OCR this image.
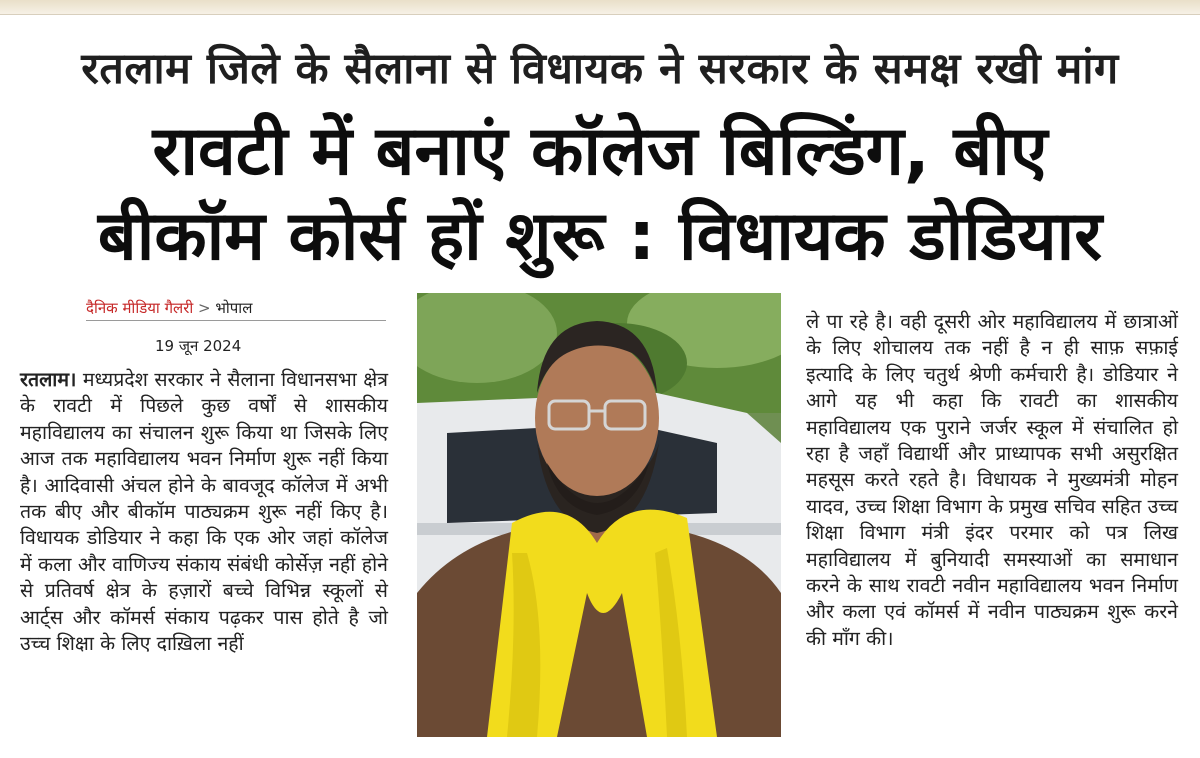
रतलाम जिले के सैलाना से विधायक ने सरकार के समक्ष रखी मांग
रावटी में बनाएं कॉलेज बिल्डिंग, बीए
बीकॉम कोर्स हों शुरू : विधायक डोडियार
दैनिक मीडिया गैलरी > भोपाल
19 जून 2024

रतलाम। मध्यप्रदेश सरकार ने सैलाना विधानसभा क्षेत्र के रावटी में पिछले कुछ वर्षों से शासकीय महाविद्यालय का संचालन शुरू किया था जिसके लिए आज तक महाविद्यालय भवन निर्माण शुरू नहीं किया है। आदिवासी अंचल होने के बावजूद कॉलेज में अभी तक बीए और बीकॉम पाठ्यक्रम शुरू नहीं किए है। विधायक डोडियार ने कहा कि एक ओर जहां कॉलेज में कला और वाणिज्य संकाय संबंधी कोर्सेज़ नहीं होने से प्रतिवर्ष क्षेत्र के हज़ारों बच्चे विभिन्न स्कूलों से आर्ट्स और कॉमर्स संकाय पढ़कर पास होते है जो उच्च शिक्षा के लिए दाख़िला नहीं

ले पा रहे है। वही दूसरी ओर महाविद्यालय में छात्राओं के लिए शोचालय तक नहीं है न ही साफ़ सफ़ाई इत्यादि के लिए चतुर्थ श्रेणी कर्मचारी है। डोडियार ने आगे यह भी कहा कि रावटी का शासकीय महाविद्यालय एक पुराने जर्जर स्कूल में संचालित हो रहा है जहाँ विद्यार्थी और प्राध्यापक सभी असुरक्षित महसूस करते रहते है। विधायक ने मुख्यमंत्री मोहन यादव, उच्च शिक्षा विभाग के प्रमुख सचिव सहित उच्च शिक्षा विभाग मंत्री इंदर परमार को पत्र लिख महाविद्यालय में बुनियादी समस्याओं का समाधान करने के साथ रावटी नवीन महाविद्यालय भवन निर्माण और कला एवं कॉमर्स में नवीन पाठ्यक्रम शुरू करने की माँग की।
